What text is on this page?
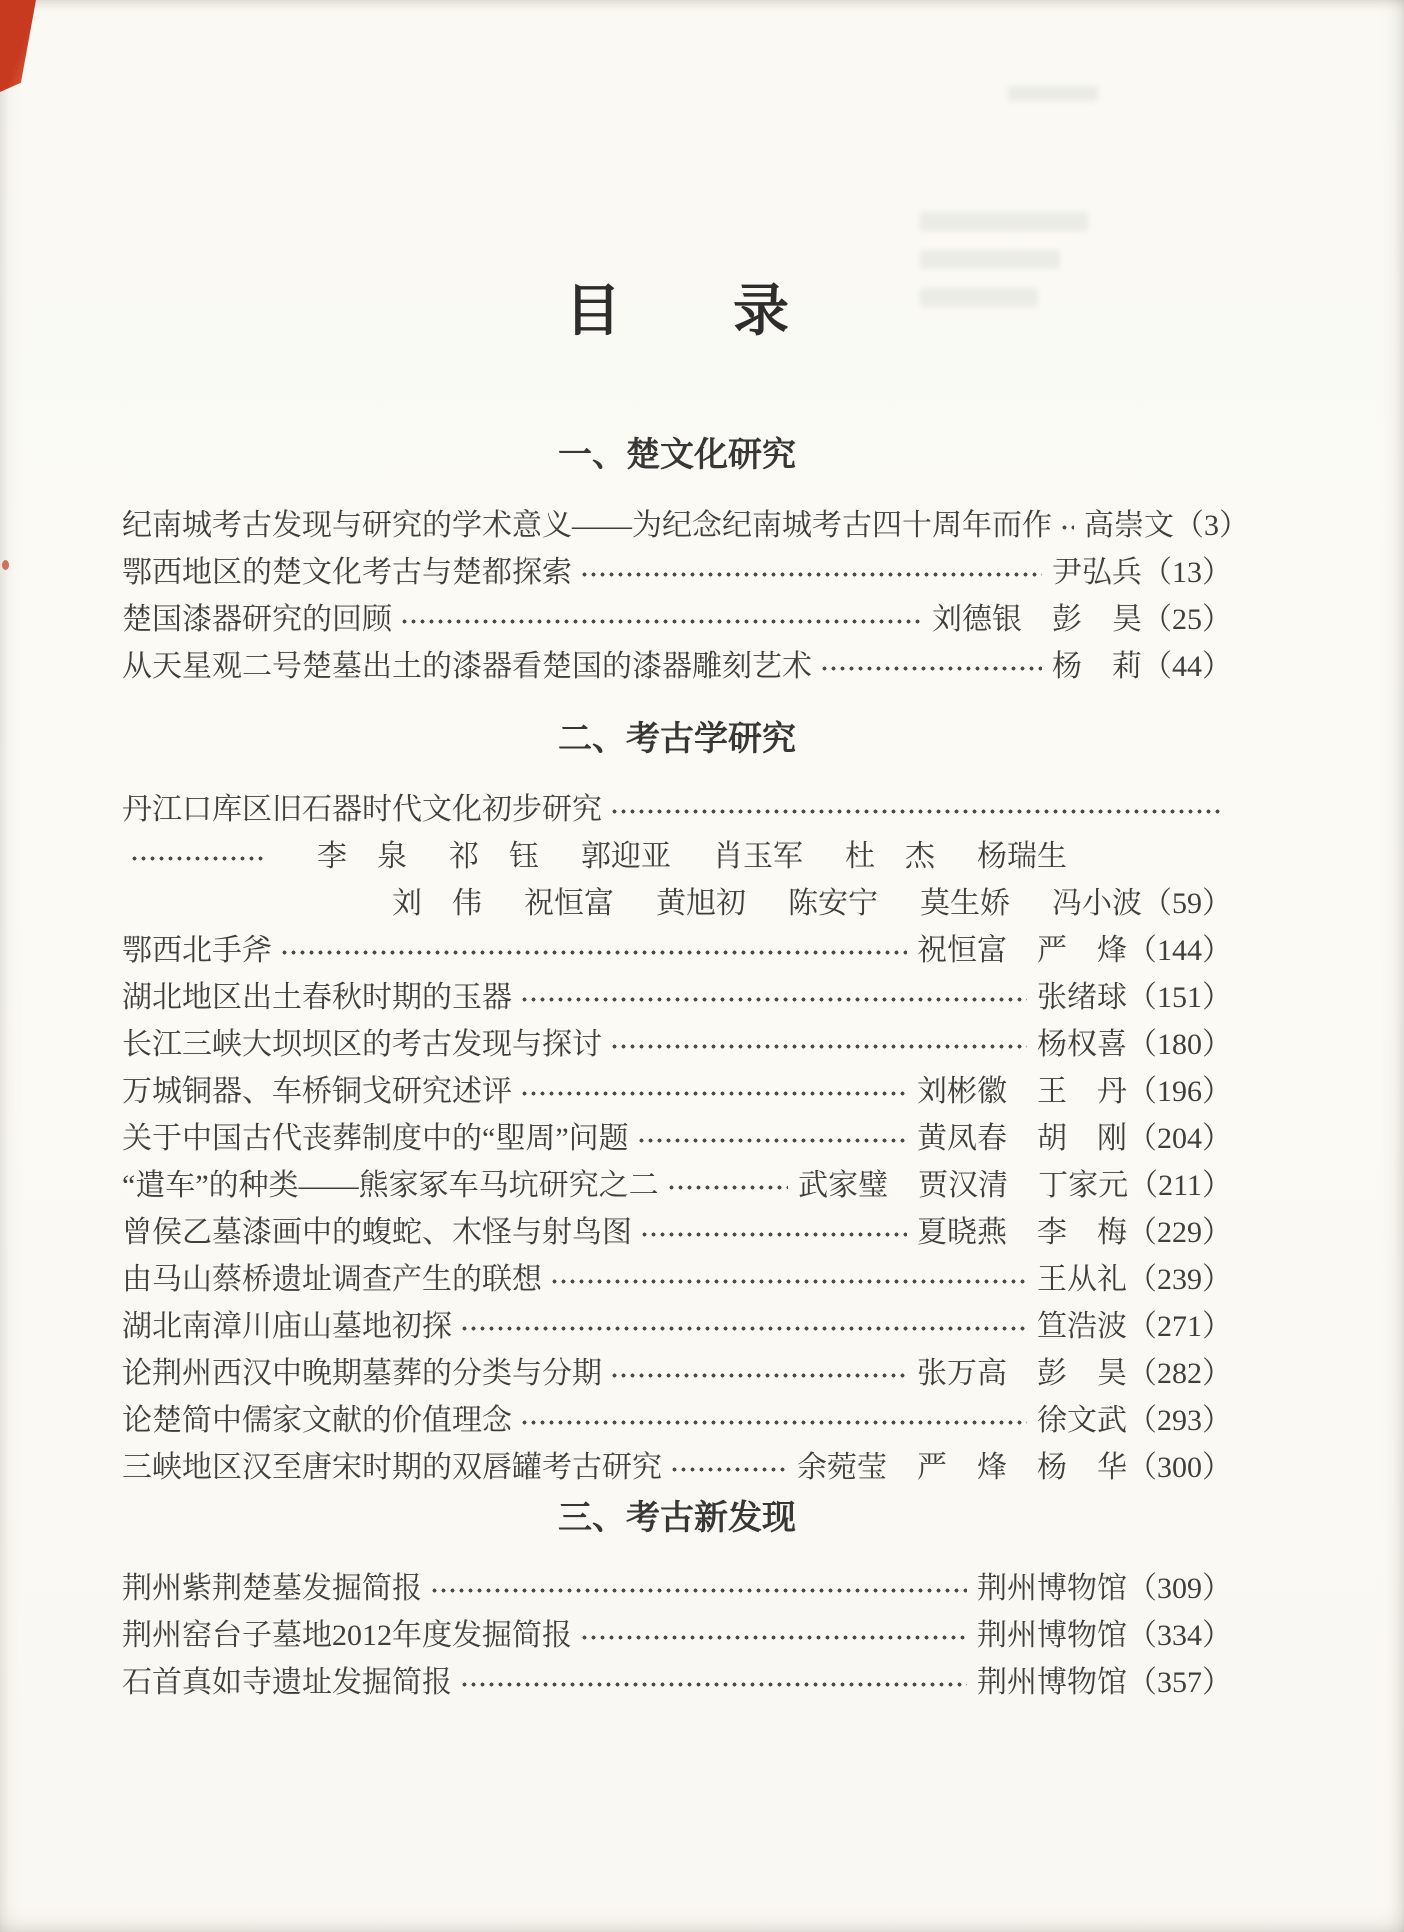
目 录
一、楚文化研究
纪南城考古发现与研究的学术意义——为纪念纪南城考古四十周年而作 高崇文 （3）
鄂西地区的楚文化考古与楚都探索	尹弘兵 （13）
楚国漆器研究的回顾	刘德银　彭　昊 （25）
从天星观二号楚墓出土的漆器看楚国的漆器雕刻艺术	杨　莉 （44）
二、考古学研究
丹江口库区旧石器时代文化初步研究
李　泉 祁　钰 郭迎亚 肖玉军 杜　杰 杨瑞生
刘　伟 祝恒富 黄旭初 陈安宁 莫生娇 冯小波 （59）
鄂西北手斧	祝恒富　严　烽 （144）
湖北地区出土春秋时期的玉器	张绪球 （151）
长江三峡大坝坝区的考古发现与探讨	杨权喜 （180）
万城铜器、车桥铜戈研究述评	刘彬徽　王　丹 （196）
关于中国古代丧葬制度中的“堲周”问题	黄凤春　胡　刚 （204）
“遣车”的种类——熊家冢车马坑研究之二	武家璧　贾汉清　丁家元 （211）
曾侯乙墓漆画中的蝮蛇、木怪与射鸟图	夏晓燕　李　梅 （229）
由马山蔡桥遗址调查产生的联想	王从礼 （239）
湖北南漳川庙山墓地初探	笪浩波 （271）
论荆州西汉中晚期墓葬的分类与分期	张万高　彭　昊 （282）
论楚简中儒家文献的价值理念	徐文武 （293）
三峡地区汉至唐宋时期的双唇罐考古研究	余菀莹　严　烽　杨　华 （300）
三、考古新发现
荆州紫荆楚墓发掘简报	荆州博物馆 （309）
荆州窑台子墓地2012年度发掘简报	荆州博物馆 （334）
石首真如寺遗址发掘简报	荆州博物馆 （357）
